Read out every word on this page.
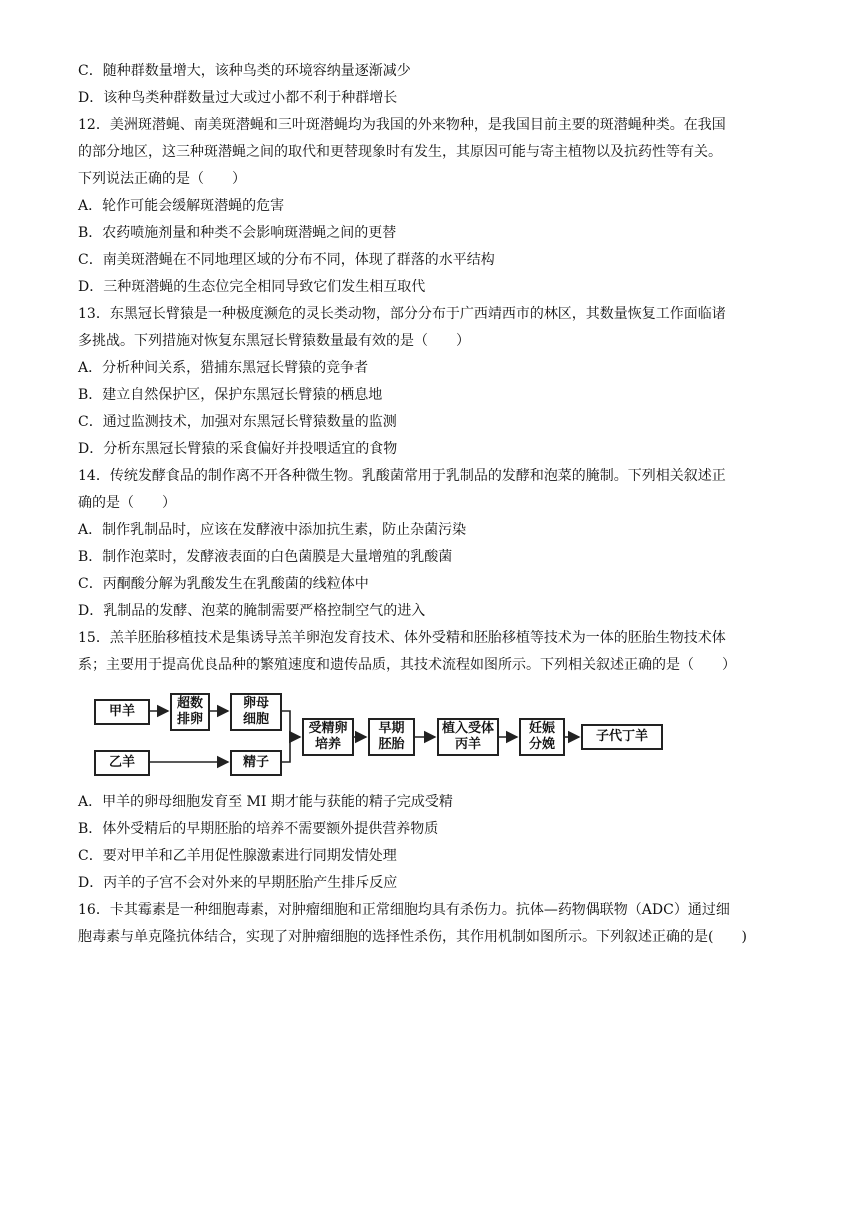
C．随种群数量增大，该种鸟类的环境容纳量逐渐减少
D．该种鸟类种群数量过大或过小都不利于种群增长
12．美洲斑潜蝇、南美斑潜蝇和三叶斑潜蝇均为我国的外来物种，是我国目前主要的斑潜蝇种类。在我国
的部分地区，这三种斑潜蝇之间的取代和更替现象时有发生，其原因可能与寄主植物以及抗药性等有关。
下列说法正确的是（　　）
A．轮作可能会缓解斑潜蝇的危害
B．农药喷施剂量和种类不会影响斑潜蝇之间的更替
C．南美斑潜蝇在不同地理区域的分布不同，体现了群落的水平结构
D．三种斑潜蝇的生态位完全相同导致它们发生相互取代
13．东黑冠长臂猿是一种极度濒危的灵长类动物，部分分布于广西靖西市的林区，其数量恢复工作面临诸
多挑战。下列措施对恢复东黑冠长臂猿数量最有效的是（　　）
A．分析种间关系，猎捕东黑冠长臂猿的竞争者
B．建立自然保护区，保护东黑冠长臂猿的栖息地
C．通过监测技术，加强对东黑冠长臂猿数量的监测
D．分析东黑冠长臂猿的采食偏好并投喂适宜的食物
14．传统发酵食品的制作离不开各种微生物。乳酸菌常用于乳制品的发酵和泡菜的腌制。下列相关叙述正
确的是（　　）
A．制作乳制品时，应该在发酵液中添加抗生素，防止杂菌污染
B．制作泡菜时，发酵液表面的白色菌膜是大量增殖的乳酸菌
C．丙酮酸分解为乳酸发生在乳酸菌的线粒体中
D．乳制品的发酵、泡菜的腌制需要严格控制空气的进入
15．羔羊胚胎移植技术是集诱导羔羊卵泡发育技术、体外受精和胚胎移植等技术为一体的胚胎生物技术体
系；主要用于提高优良品种的繁殖速度和遗传品质，其技术流程如图所示。下列相关叙述正确的是（　　）
甲羊
超数
排卵
卵母
细胞
乙羊	精子
受精卵
培养
早期
胚胎
植入受体
丙羊
妊娠
分娩
子代丁羊
A．甲羊的卵母细胞发育至 MI 期才能与获能的精子完成受精
B．体外受精后的早期胚胎的培养不需要额外提供营养物质
C．要对甲羊和乙羊用促性腺激素进行同期发情处理
D．丙羊的子宫不会对外来的早期胚胎产生排斥反应
16．卡其霉素是一种细胞毒素，对肿瘤细胞和正常细胞均具有杀伤力。抗体—药物偶联物（ADC）通过细
胞毒素与单克隆抗体结合，实现了对肿瘤细胞的选择性杀伤，其作用机制如图所示。下列叙述正确的是(　　)
